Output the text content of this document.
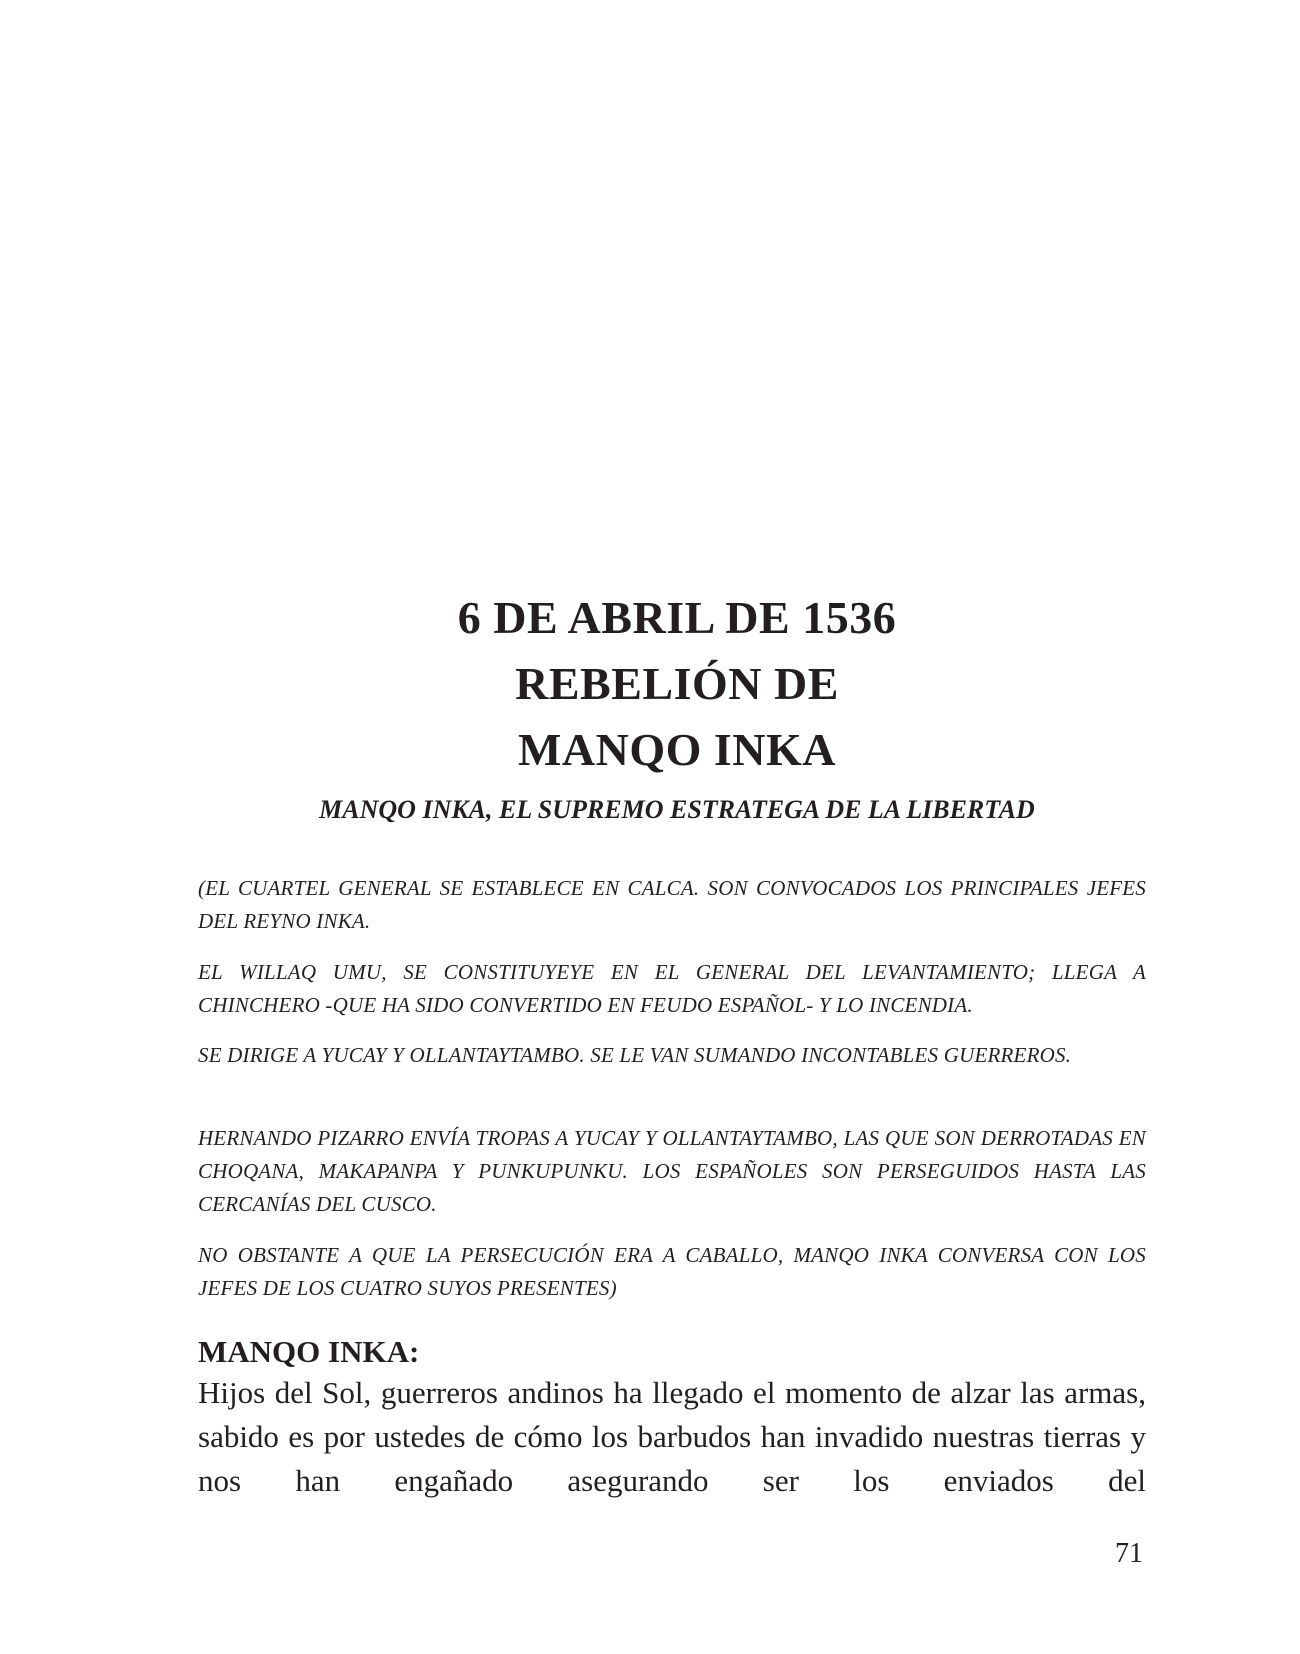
6 DE ABRIL DE 1536
REBELIÓN DE
MANQO INKA
MANQO INKA, EL SUPREMO ESTRATEGA DE LA LIBERTAD
(EL CUARTEL GENERAL SE ESTABLECE EN CALCA. SON CONVOCADOS LOS PRINCIPALES JEFES DEL REYNO INKA.
EL WILLAQ UMU, SE CONSTITUYEYE EN EL GENERAL DEL LEVANTAMIENTO; LLEGA A CHINCHERO -QUE HA SIDO CONVERTIDO EN FEUDO ESPAÑOL- Y LO INCENDIA.
SE DIRIGE A YUCAY Y OLLANTAYTAMBO. SE LE VAN SUMANDO INCONTABLES GUERREROS.
HERNANDO PIZARRO ENVÍA TROPAS A YUCAY Y OLLANTAYTAMBO, LAS QUE SON DERROTADAS EN CHOQANA, MAKAPANPA Y PUNKUPUNKU. LOS ESPAÑOLES SON PERSEGUIDOS HASTA LAS CERCANÍAS DEL CUSCO.
NO OBSTANTE A QUE LA PERSECUCIÓN ERA A CABALLO, MANQO INKA CONVERSA CON LOS JEFES DE LOS CUATRO SUYOS PRESENTES)
MANQO INKA:
Hijos del Sol, guerreros andinos ha llegado el momento de alzar las armas, sabido es por ustedes de cómo los barbudos han invadido nuestras tierras y nos han engañado asegurando ser los enviados del
71
